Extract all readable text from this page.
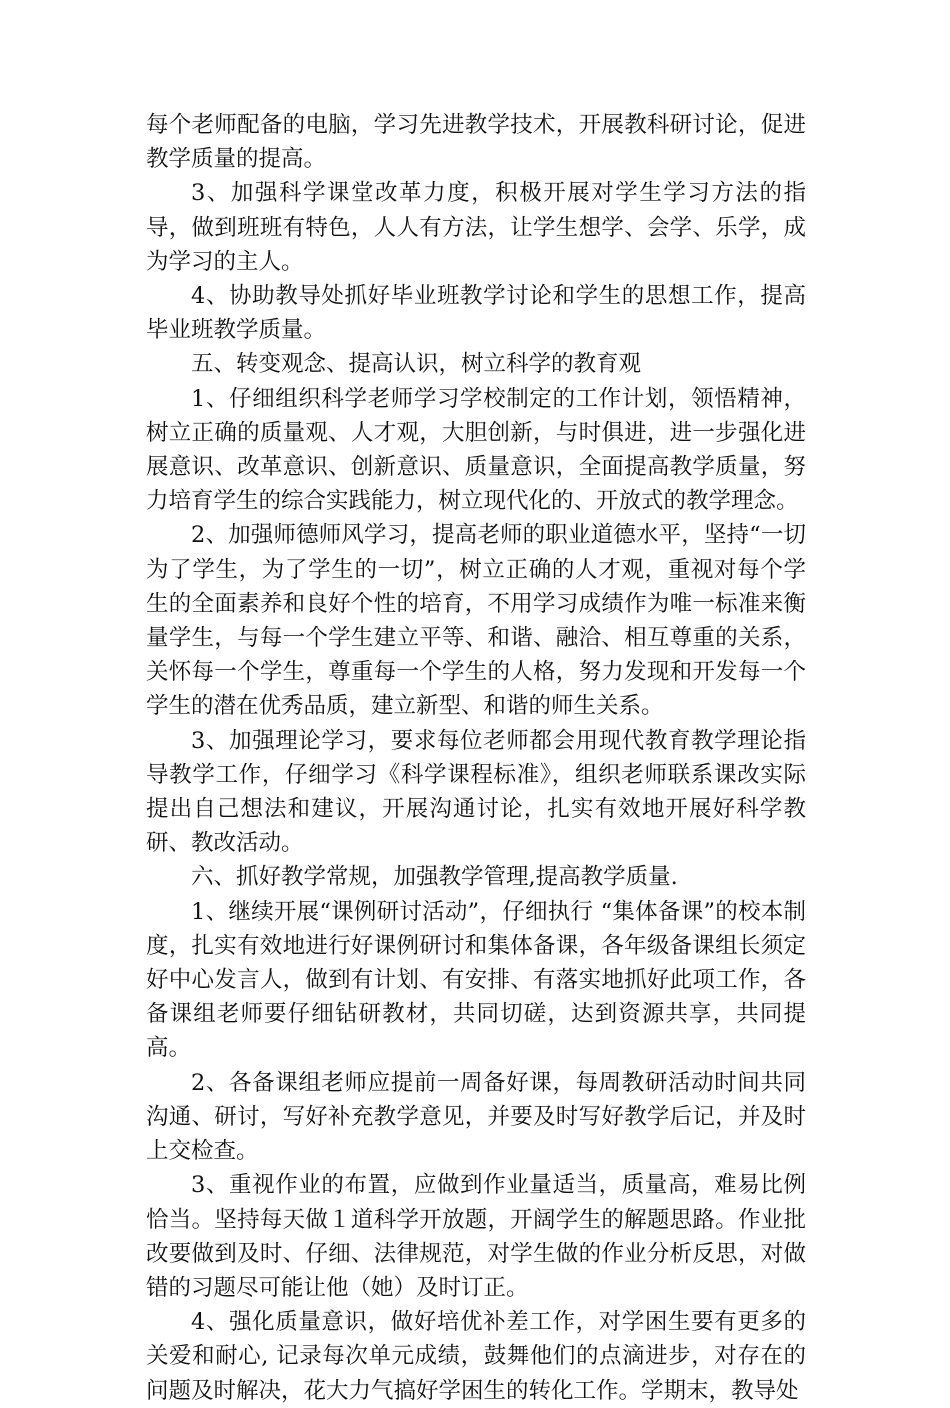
每个老师配备的电脑，学习先进教学技术，开展教科研讨论，促进教学质量的提高。

3、加强科学课堂改革力度，积极开展对学生学习方法的指导，做到班班有特色，人人有方法，让学生想学、会学、乐学，成为学习的主人。

4、协助教导处抓好毕业班教学讨论和学生的思想工作，提高毕业班教学质量。

五、转变观念、提高认识，树立科学的教育观

1、仔细组织科学老师学习学校制定的工作计划，领悟精神，树立正确的质量观、人才观，大胆创新，与时俱进，进一步强化进展意识、改革意识、创新意识、质量意识，全面提高教学质量，努力培育学生的综合实践能力，树立现代化的、开放式的教学理念。

2、加强师德师风学习，提高老师的职业道德水平，坚持“一切为了学生，为了学生的一切”，树立正确的人才观，重视对每个学生的全面素养和良好个性的培育，不用学习成绩作为唯一标准来衡量学生，与每一个学生建立平等、和谐、融洽、相互尊重的关系，关怀每一个学生，尊重每一个学生的人格，努力发现和开发每一个学生的潜在优秀品质，建立新型、和谐的师生关系。

3、加强理论学习，要求每位老师都会用现代教育教学理论指导教学工作，仔细学习《科学课程标准》，组织老师联系课改实际提出自己想法和建议，开展沟通讨论，扎实有效地开展好科学教研、教改活动。

六、抓好教学常规，加强教学管理,提高教学质量.

1、继续开展“课例研讨活动”，仔细执行 “集体备课”的校本制度，扎实有效地进行好课例研讨和集体备课，各年级备课组长须定好中心发言人，做到有计划、有安排、有落实地抓好此项工作，各备课组老师要仔细钻研教材，共同切磋，达到资源共享，共同提高。

2、各备课组老师应提前一周备好课，每周教研活动时间共同沟通、研讨，写好补充教学意见，并要及时写好教学后记，并及时上交检查。

3、重视作业的布置，应做到作业量适当，质量高，难易比例恰当。坚持每天做１道科学开放题，开阔学生的解题思路。作业批改要做到及时、仔细、法律规范，对学生做的作业分析反思，对做错的习题尽可能让他（她）及时订正。

4、强化质量意识，做好培优补差工作，对学困生要有更多的关爱和耐心, 记录每次单元成绩，鼓舞他们的点滴进步，对存在的问题及时解决，花大力气搞好学困生的转化工作。学期末，教导处
